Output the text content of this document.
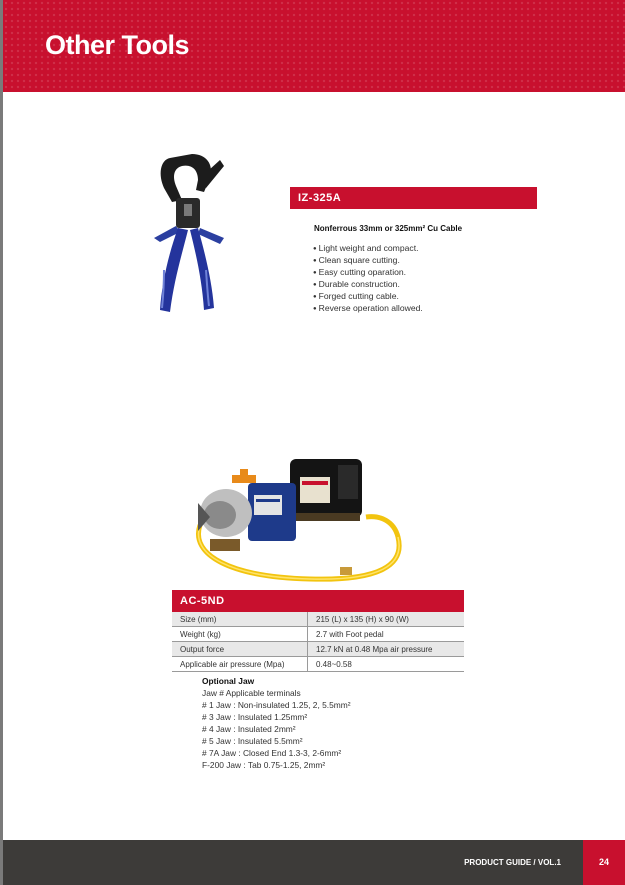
Other Tools
IZ-325A

Nonferrous 33mm or 325mm² Cu Cable

● Light weight and compact.
● Clean square cutting.
● Easy cutting oparation.
● Durable construction.
● Forged cutting cable.
● Reverse operation allowed.
AC-5ND
Size (mm)	215 (L) x 135 (H) x 90 (W)
Weight (kg)	2.7 with Foot pedal
Output force	12.7 kN at 0.48 Mpa air pressure
Applicable air pressure (Mpa)	0.48~0.58

Optional Jaw

Jaw # Applicable terminals
# 1 Jaw : Non-insulated 1.25, 2, 5.5mm²
# 3 Jaw : Insulated 1.25mm²
# 4 Jaw : Insulated 2mm²
# 5 Jaw : Insulated 5.5mm²
# 7A Jaw : Closed End 1.3-3, 2-6mm²
F-200 Jaw : Tab 0.75-1.25, 2mm²
PRODUCT GUIDE / VOL.1	24
